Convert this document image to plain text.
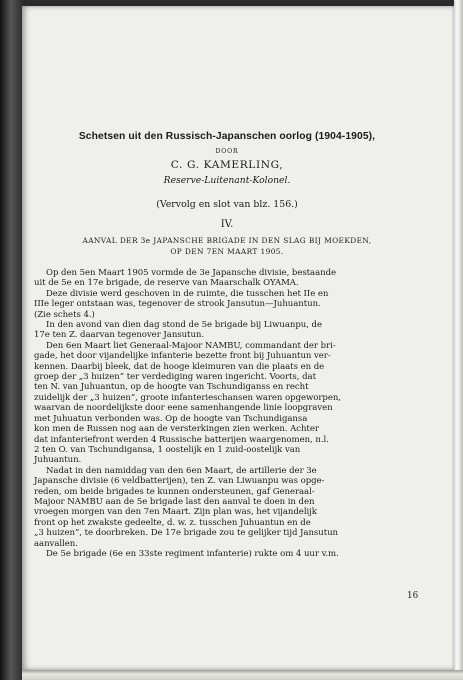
Schetsen uit den Russisch-Japanschen oorlog (1904-1905),
DOOR
C. G. KAMERLING,
Reserve-Luitenant-Kolonel.
(Vervolg en slot van blz. 156.)
IV.
AANVAL DER 3e JAPANSCHE BRIGADE IN DEN SLAG BIJ MOEKDEN,
OP DEN 7EN MAART 1905.
Op den 5en Maart 1905 vormde de 3e Japansche divisie, bestaande
uit de 5e en 17e brigade, de reserve van Maarschalk OYAMA.
Deze divisie werd geschoven in de ruimte, die tusschen het IIe en
IIIe leger ontstaan was, tegenover de strook Jansutun—Juhuantun.
(Zie schets 4.)
In den avond van dien dag stond de 5e brigade bij Liwuanpu, de
17e ten Z. daarvan tegenover Jansutun.
Den 6en Maart liet Generaal-Majoor NAMBU, commandant der bri-
gade, het door vijandelijke infanterie bezette front bij Juhuantun ver-
kennen. Daarbij bleek, dat de hooge kleimuren van die plaats en de
groep der „3 huizen” ter verdediging waren ingericht. Voorts, dat
ten N. van Juhuantun, op de hoogte van Tschundiganss en recht
zuidelijk der „3 huizen”, groote infanterieschansen waren opgeworpen,
waarvan de noordelijkste door eene samenhangende linie loopgraven
met Juhuatun verbonden was. Op de hoogte van Tschundigansa
kon men de Russen nog aan de versterkingen zien werken. Achter
dat infanteriefront werden 4 Russische batterijen waargenomen, n.l.
2 ten O. van Tschundigansa, 1 oostelijk en 1 zuid-oostelijk van
Juhuantun.
Nadat in den namiddag van den 6en Maart, de artillerie der 3e
Japansche divisie (6 veldbatterijen), ten Z. van Liwuanpu was opge-
reden, om beide brigades te kunnen ondersteunen, gaf Generaal-
Majoor NAMBU aan de 5e brigade last den aanval te doen in den
vroegen morgen van den 7en Maart. Zijn plan was, het vijandelijk
front op het zwakste gedeelte, d. w. z. tusschen Juhuantun en de
„3 huizen”, te doorbreken. De 17e brigade zou te gelijker tijd Jansutun
aanvallen.
De 5e brigade (6e en 33ste regiment infanterie) rukte om 4 uur v.m.
16
